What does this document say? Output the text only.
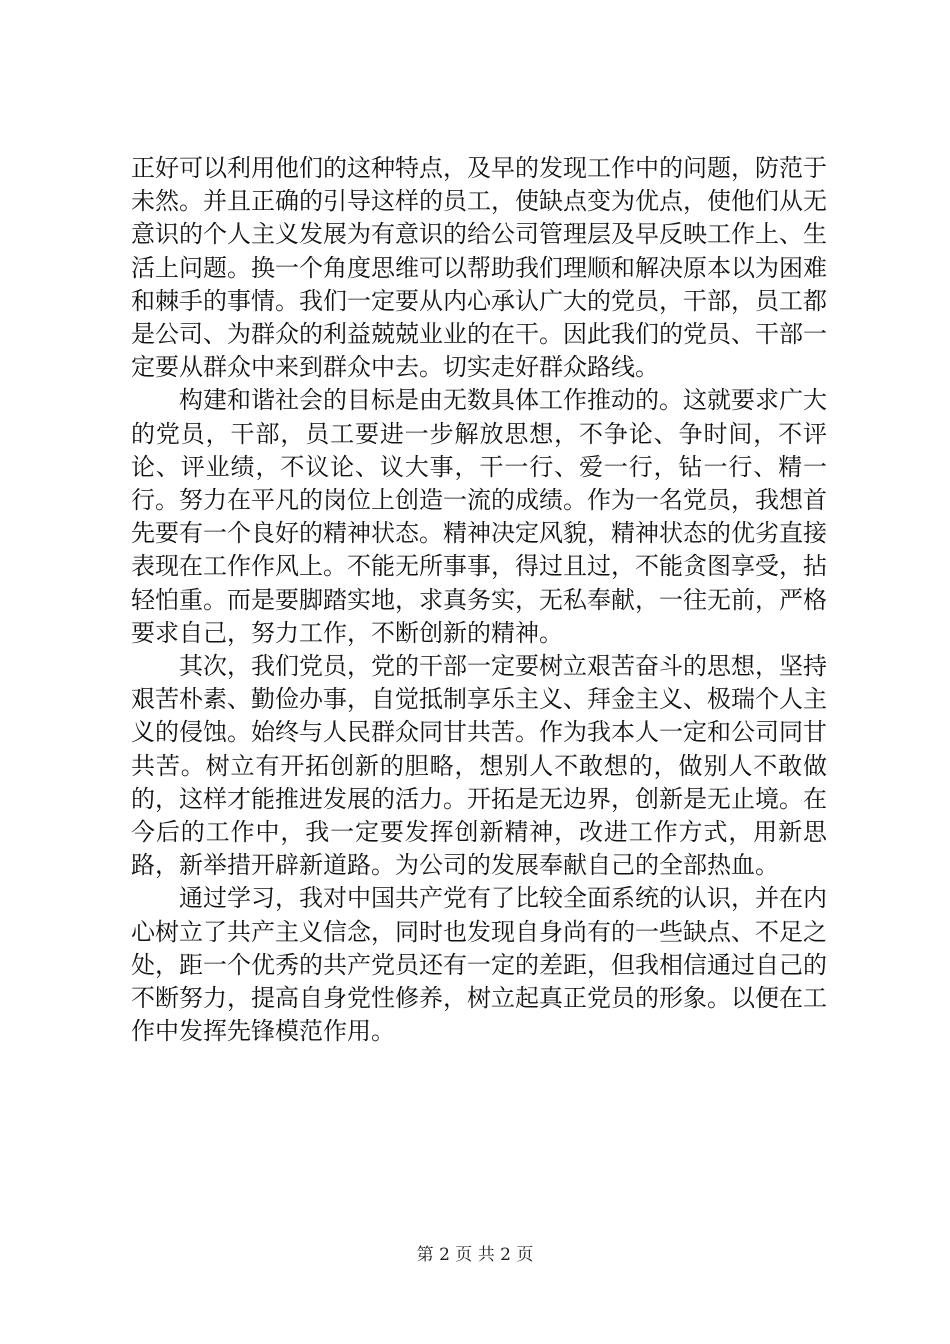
正好可以利用他们的这种特点，及早的发现工作中的问题，防范于未然。并且正确的引导这样的员工，使缺点变为优点，使他们从无意识的个人主义发展为有意识的给公司管理层及早反映工作上、生活上问题。换一个角度思维可以帮助我们理顺和解决原本以为困难和棘手的事情。我们一定要从内心承认广大的党员，干部，员工都是公司、为群众的利益兢兢业业的在干。因此我们的党员、干部一定要从群众中来到群众中去。切实走好群众路线。

构建和谐社会的目标是由无数具体工作推动的。这就要求广大的党员，干部，员工要进一步解放思想，不争论、争时间，不评论、评业绩，不议论、议大事，干一行、爱一行，钻一行、精一行。努力在平凡的岗位上创造一流的成绩。作为一名党员，我想首先要有一个良好的精神状态。精神决定风貌，精神状态的优劣直接表现在工作作风上。不能无所事事，得过且过，不能贪图享受，拈轻怕重。而是要脚踏实地，求真务实，无私奉献，一往无前，严格要求自己，努力工作，不断创新的精神。

其次，我们党员，党的干部一定要树立艰苦奋斗的思想，坚持艰苦朴素、勤俭办事，自觉抵制享乐主义、拜金主义、极瑞个人主义的侵蚀。始终与人民群众同甘共苦。作为我本人一定和公司同甘共苦。树立有开拓创新的胆略，想别人不敢想的，做别人不敢做的，这样才能推进发展的活力。开拓是无边界，创新是无止境。在今后的工作中，我一定要发挥创新精神，改进工作方式，用新思路，新举措开辟新道路。为公司的发展奉献自己的全部热血。

通过学习，我对中国共产党有了比较全面系统的认识，并在内心树立了共产主义信念，同时也发现自身尚有的一些缺点、不足之处，距一个优秀的共产党员还有一定的差距，但我相信通过自己的不断努力，提高自身党性修养，树立起真正党员的形象。以便在工作中发挥先锋模范作用。

第 2 页 共 2 页
